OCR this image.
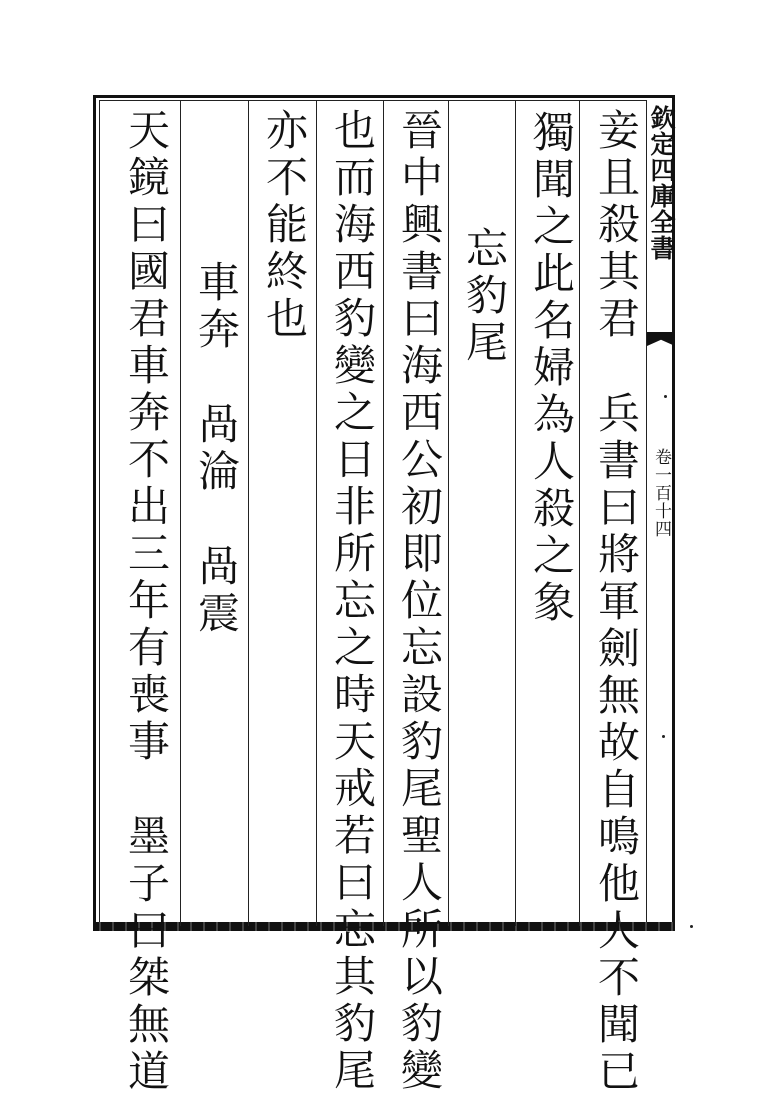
欽定四庫全書
卷一百十四
妾且殺其君兵書曰將軍劍無故自鳴他人不聞已
獨聞之此名婦為人殺之象
忘豹尾
晉中興書曰海西公初即位忘設豹尾聖人所以豹變
也而海西豹變之日非所忘之時天戒若曰忘其豹尾
亦不能終也
車奔咼淪咼震
天鏡曰國君車奔不出三年有喪事墨子曰桀無道
